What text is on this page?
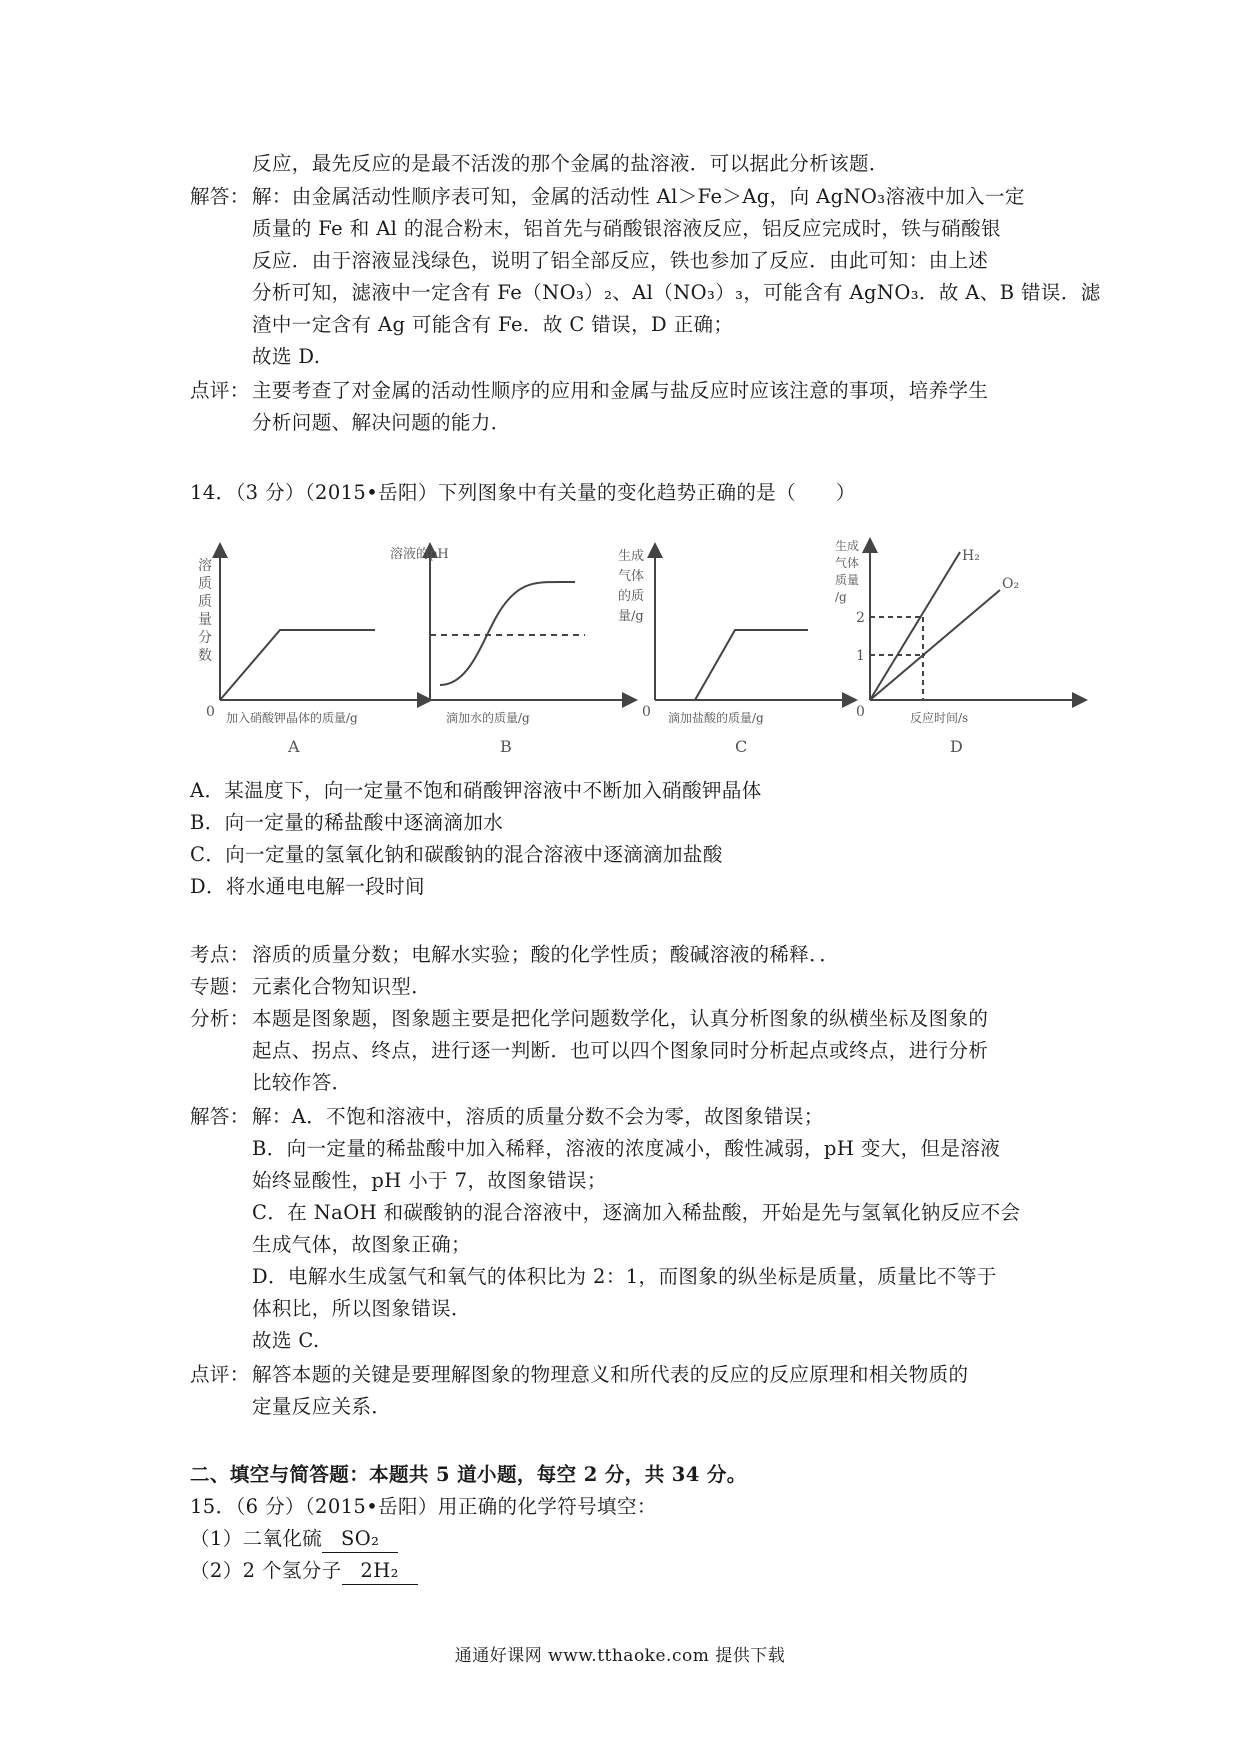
反应，最先反应的是最不活泼的那个金属的盐溶液．可以据此分析该题．
解答： 解：由金属活动性顺序表可知，金属的活动性 Al＞Fe＞Ag，向 AgNO₃溶液中加入一定
质量的 Fe 和 Al 的混合粉末，铝首先与硝酸银溶液反应，铝反应完成时，铁与硝酸银
反应．由于溶液显浅绿色，说明了铝全部反应，铁也参加了反应．由此可知：由上述
分析可知，滤液中一定含有 Fe（NO₃）₂、Al（NO₃）₃，可能含有 AgNO₃．故 A、B 错误．滤
渣中一定含有 Ag 可能含有 Fe．故 C 错误，D 正确；
故选 D.
点评： 主要考查了对金属的活动性顺序的应用和金属与盐反应时应该注意的事项，培养学生
分析问题、解决问题的能力．
14．（3 分）（2015•岳阳）下列图象中有关量的变化趋势正确的是（　　）
溶质质量分数
0 加入硝酸钾晶体的质量/g
A
溶液的pH
滴加水的质量/g
B
生成气体的质量/g
0 滴加盐酸的质量/g
C
生成气体质量/g
0
2
1
H₂
O₂
反应时间/s
D
A．某温度下，向一定量不饱和硝酸钾溶液中不断加入硝酸钾晶体
B．向一定量的稀盐酸中逐滴滴加水
C．向一定量的氢氧化钠和碳酸钠的混合溶液中逐滴滴加盐酸
D．将水通电电解一段时间
考点： 溶质的质量分数；电解水实验；酸的化学性质；酸碱溶液的稀释．．
专题： 元素化合物知识型．
分析： 本题是图象题，图象题主要是把化学问题数学化，认真分析图象的纵横坐标及图象的
起点、拐点、终点，进行逐一判断．也可以四个图象同时分析起点或终点，进行分析
比较作答．
解答： 解：A．不饱和溶液中，溶质的质量分数不会为零，故图象错误；
B．向一定量的稀盐酸中加入稀释，溶液的浓度减小，酸性减弱，pH 变大，但是溶液
始终显酸性，pH 小于 7，故图象错误；
C．在 NaOH 和碳酸钠的混合溶液中，逐滴加入稀盐酸，开始是先与氢氧化钠反应不会
生成气体，故图象正确；
D．电解水生成氢气和氧气的体积比为 2：1，而图象的纵坐标是质量，质量比不等于
体积比，所以图象错误．
故选 C.
点评： 解答本题的关键是要理解图象的物理意义和所代表的反应的反应原理和相关物质的
定量反应关系．
二、填空与简答题：本题共 5 道小题，每空 2 分，共 34 分。
15．（6 分）（2015•岳阳）用正确的化学符号填空：
（1）二氧化硫 SO₂
（2）2 个氢分子 2H₂
通通好课网 www.tthaoke.com 提供下载
